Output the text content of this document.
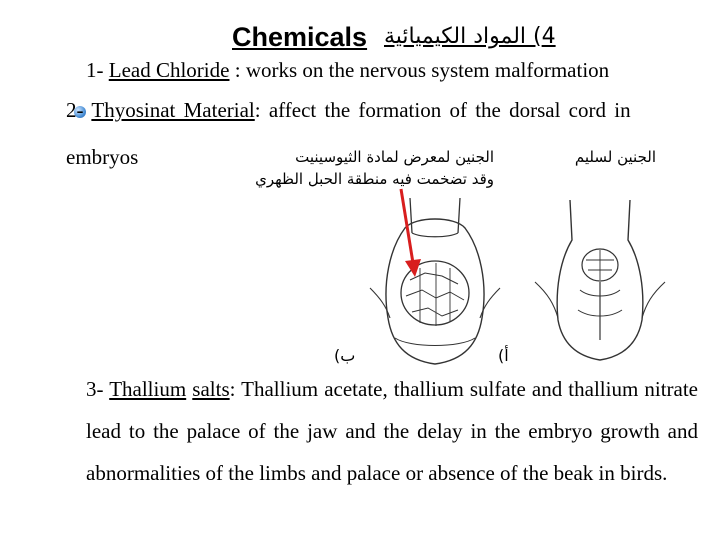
Chemicals 4) المواد الكيميائية
1- Lead Chloride : works on the nervous system malformation
2- Thyosinat Material: affect the formation of the dorsal cord in
embryos	الجنين لمعرض لمادة الثيوسينيت
وقد تضخمت فيه منطقة الحبل الظهري
الجنين لسليم
(ب	(أ
3- Thallium salts: Thallium acetate, thallium sulfate and thallium nitrate lead to the palace of the jaw and the delay in the embryo growth and abnormalities of the limbs and palace or absence of the beak in birds.
